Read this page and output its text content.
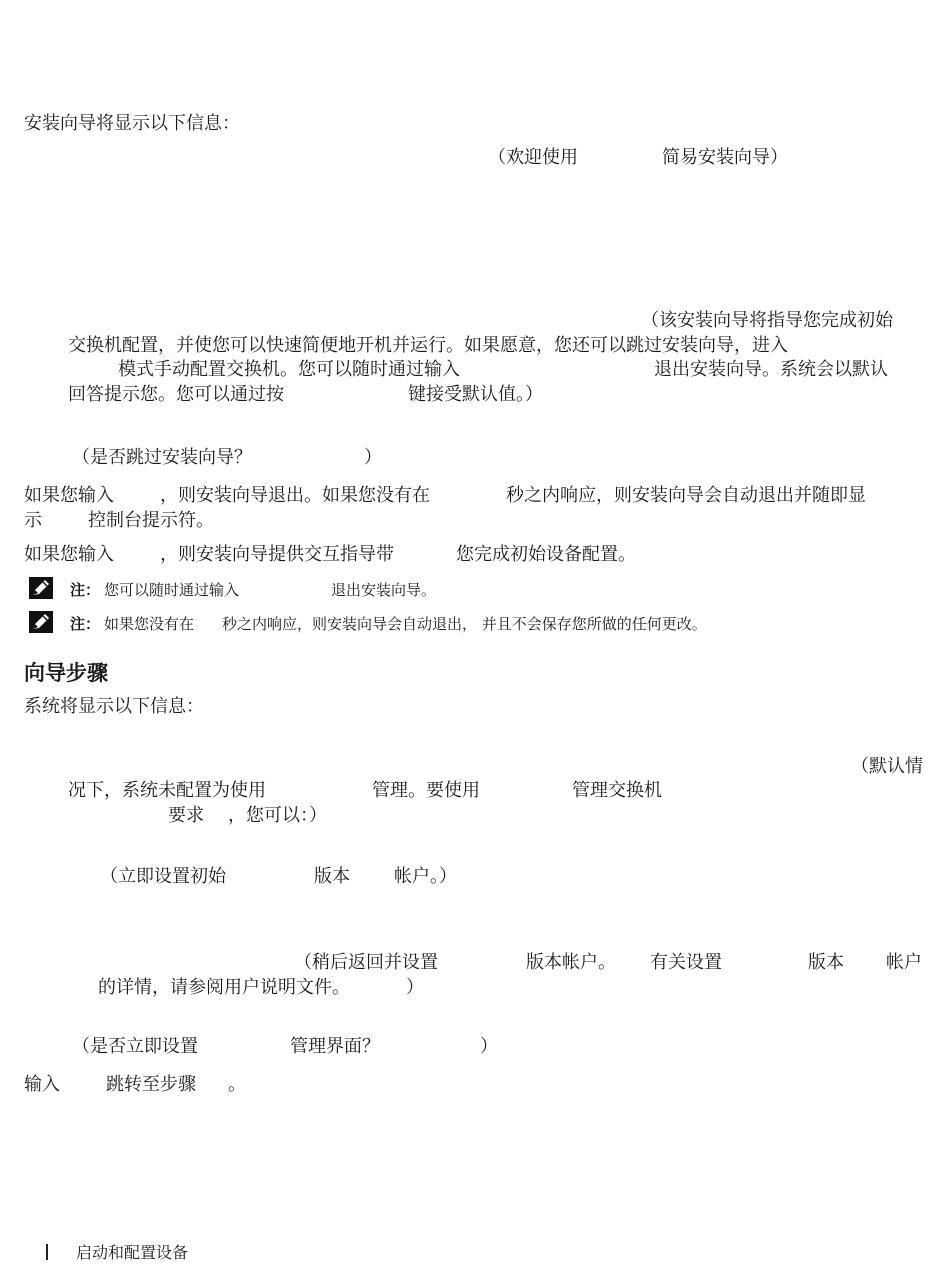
安装向导将显示以下信息：
（欢迎使用	简易安装向导）
（该安装向导将指导您完成初始
交换机配置，并使您可以快速简便地开机并运行。如果愿意，您还可以跳过安装向导，进入
模式手动配置交换机。您可以随时通过输入	退出安装向导。系统会以默认
回答提示您。您可以通过按	键接受默认值。）
（是否跳过安装向导？	）
如果您输入	，则安装向导退出。如果您没有在	秒之内响应，则安装向导会自动退出并随即显
示	控制台提示符。
如果您输入	，则安装向导提供交互指导带	您完成初始设备配置。
注： 您可以随时通过输入	退出安装向导。
注： 如果您没有在 秒之内响应，则安装向导会自动退出， 并且不会保存您所做的任何更改。
向导步骤
系统将显示以下信息：
（默认情
况下，系统未配置为使用	管理。要使用	管理交换机
要求 ，您可以：）
（立即设置初始	版本 帐户。）
（稍后返回并设置	版本帐户。 有关设置	版本 帐户
的详情，请参阅用户说明文件。	）
（是否立即设置	管理界面？	）
输入	跳转至步骤 。
启动和配置设备
